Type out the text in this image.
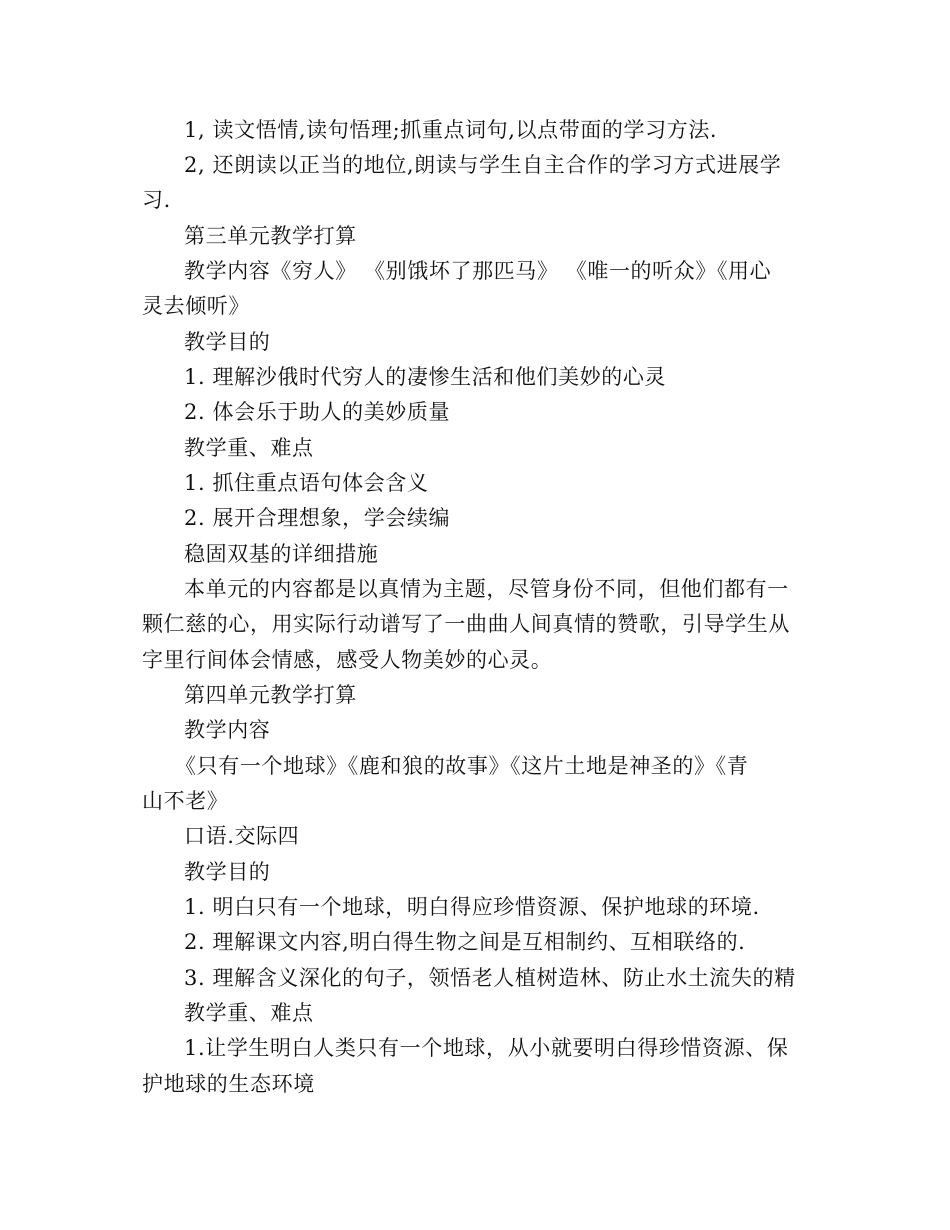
1, 读文悟情,读句悟理;抓重点词句,以点带面的学习方法.
2, 还朗读以正当的地位,朗读与学生自主合作的学习方式进展学
习.
第三单元教学打算
教学内容《穷人》 《别饿坏了那匹马》 《唯一的听众》《用心
灵去倾听》
教学目的
1. 理解沙俄时代穷人的凄惨生活和他们美妙的心灵
2. 体会乐于助人的美妙质量
教学重、难点
1. 抓住重点语句体会含义
2. 展开合理想象，学会续编
稳固双基的详细措施
本单元的内容都是以真情为主题，尽管身份不同，但他们都有一
颗仁慈的心，用实际行动谱写了一曲曲人间真情的赞歌，引导学生从
字里行间体会情感，感受人物美妙的心灵。
第四单元教学打算
教学内容
《只有一个地球》《鹿和狼的故事》《这片土地是神圣的》《青
山不老》
口语.交际四
教学目的
1. 明白只有一个地球，明白得应珍惜资源、保护地球的环境.
2. 理解课文内容,明白得生物之间是互相制约、互相联络的.
3. 理解含义深化的句子，领悟老人植树造林、防止水土流失的精
教学重、难点
1.让学生明白人类只有一个地球，从小就要明白得珍惜资源、保
护地球的生态环境
